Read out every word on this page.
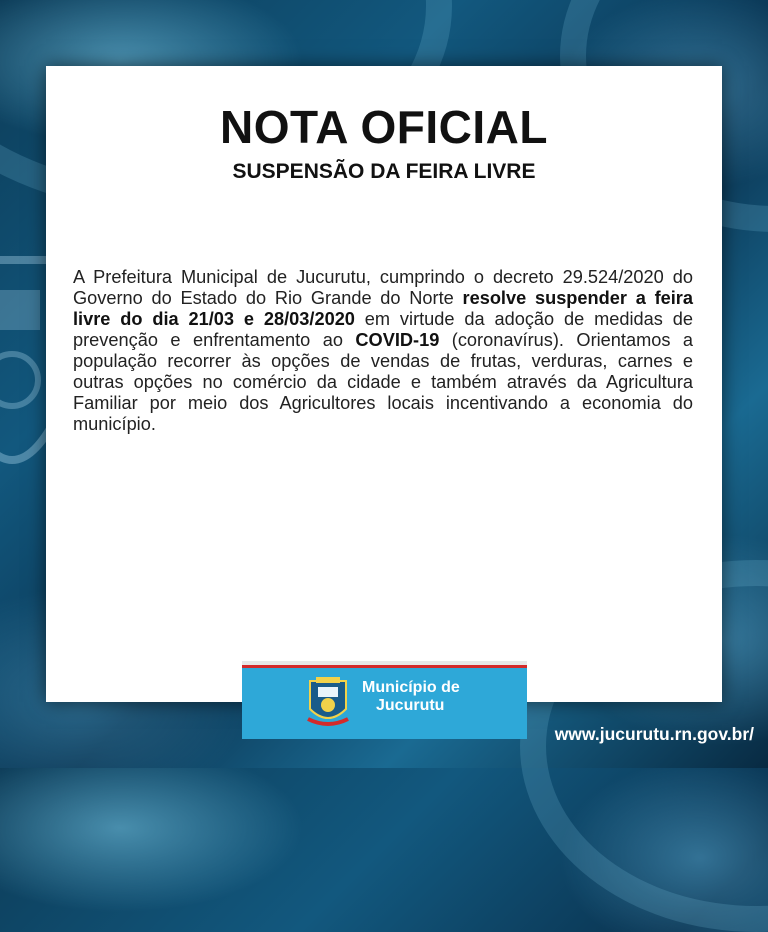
NOTA OFICIAL
SUSPENSÃO DA FEIRA LIVRE
A Prefeitura Municipal de Jucurutu, cumprindo o decreto 29.524/2020 do Governo do Estado do Rio Grande do Norte resolve suspender a feira livre do dia 21/03 e 28/03/2020 em virtude da adoção de medidas de prevenção e enfrentamento ao COVID-19 (coronavírus). Orientamos a população recorrer às opções de vendas de frutas, verduras, carnes e outras opções no comércio da cidade e também através da Agricultura Familiar por meio dos Agricultores locais incentivando a economia do município.
Município de
Jucurutu
www.jucurutu.rn.gov.br/
